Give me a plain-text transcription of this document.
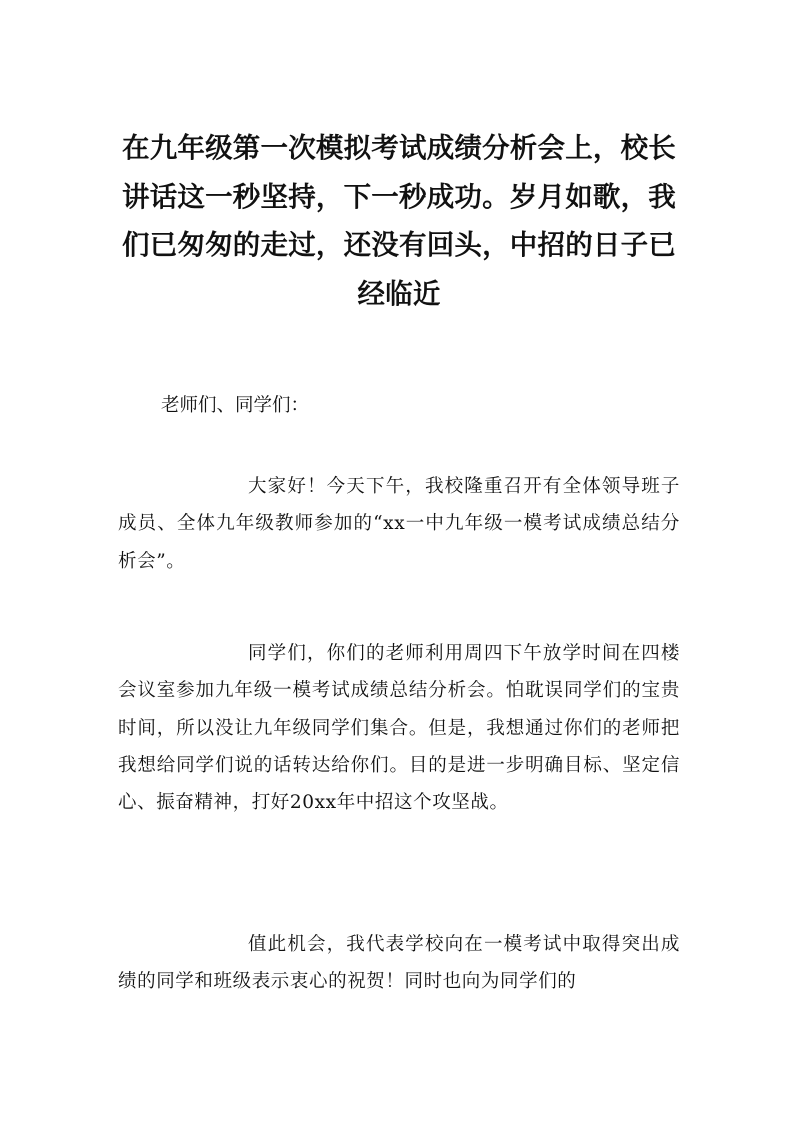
在九年级第一次模拟考试成绩分析会上，校长讲话这一秒坚持，下一秒成功。岁月如歌，我们已匆匆的走过，还没有回头，中招的日子已经临近

老师们、同学们：

大家好！今天下午，我校隆重召开有全体领导班子成员、全体九年级教师参加的“xx一中九年级一模考试成绩总结分析会”。

同学们，你们的老师利用周四下午放学时间在四楼会议室参加九年级一模考试成绩总结分析会。怕耽误同学们的宝贵时间，所以没让九年级同学们集合。但是，我想通过你们的老师把我想给同学们说的话转达给你们。目的是进一步明确目标、坚定信心、振奋精神，打好20xx年中招这个攻坚战。

值此机会，我代表学校向在一模考试中取得突出成绩的同学和班级表示衷心的祝贺！同时也向为同学们的
